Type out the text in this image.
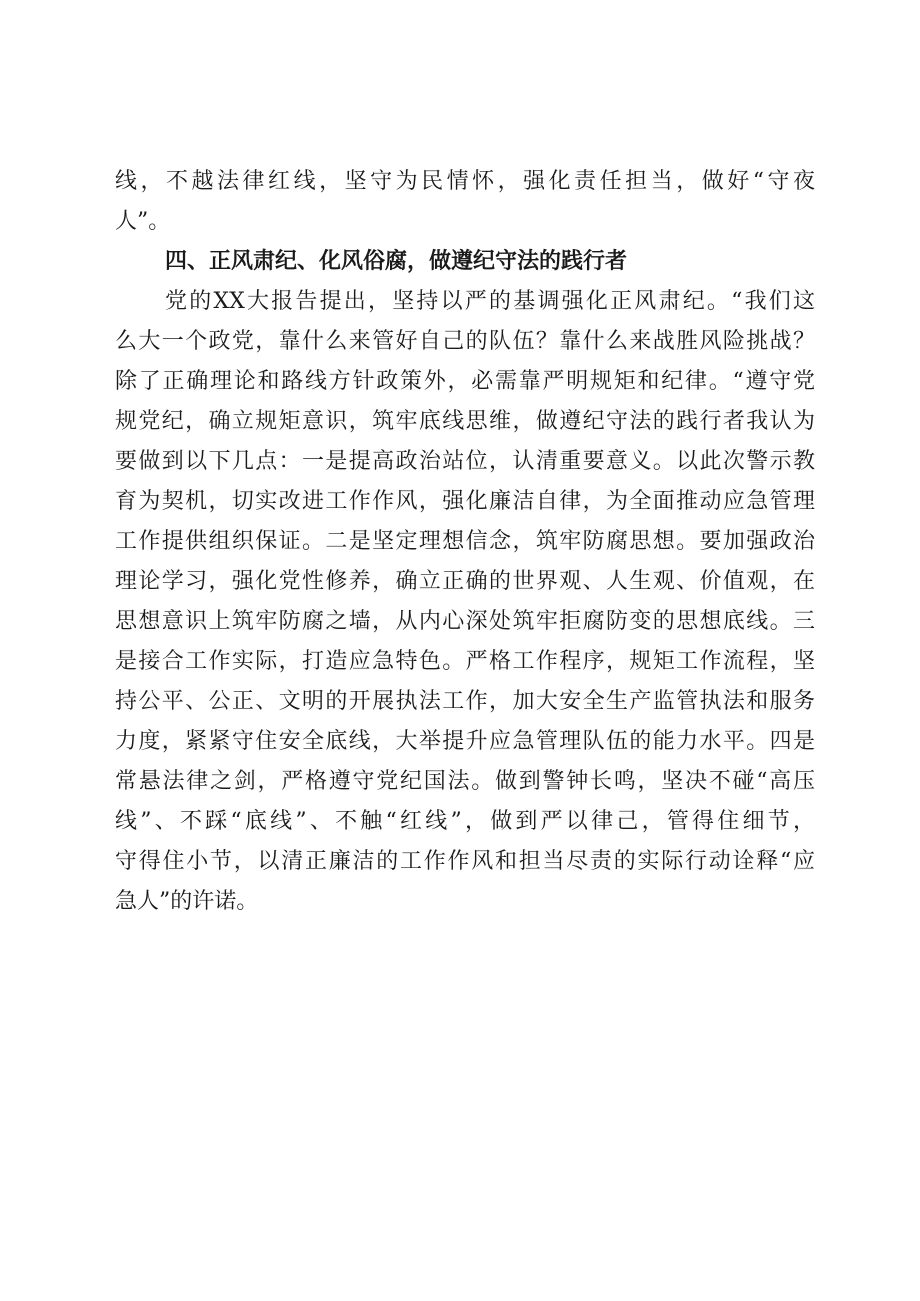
线，不越法律红线，坚守为民情怀，强化责任担当，做好“守夜
人”。
四、正风肃纪、化风俗腐，做遵纪守法的践行者
党的XX大报告提出，坚持以严的基调强化正风肃纪。“我们这
么大一个政党，靠什么来管好自己的队伍？靠什么来战胜风险挑战？
除了正确理论和路线方针政策外，必需靠严明规矩和纪律。“遵守党
规党纪，确立规矩意识，筑牢底线思维，做遵纪守法的践行者我认为
要做到以下几点：一是提高政治站位，认清重要意义。以此次警示教
育为契机，切实改进工作作风，强化廉洁自律，为全面推动应急管理
工作提供组织保证。二是坚定理想信念，筑牢防腐思想。要加强政治
理论学习，强化党性修养，确立正确的世界观、人生观、价值观，在
思想意识上筑牢防腐之墙，从内心深处筑牢拒腐防变的思想底线。三
是接合工作实际，打造应急特色。严格工作程序，规矩工作流程，坚
持公平、公正、文明的开展执法工作，加大安全生产监管执法和服务
力度，紧紧守住安全底线，大举提升应急管理队伍的能力水平。四是
常悬法律之剑，严格遵守党纪国法。做到警钟长鸣，坚决不碰“高压
线”、不踩“底线”、不触“红线”，做到严以律己，管得住细节，
守得住小节，以清正廉洁的工作作风和担当尽责的实际行动诠释“应
急人”的许诺。
